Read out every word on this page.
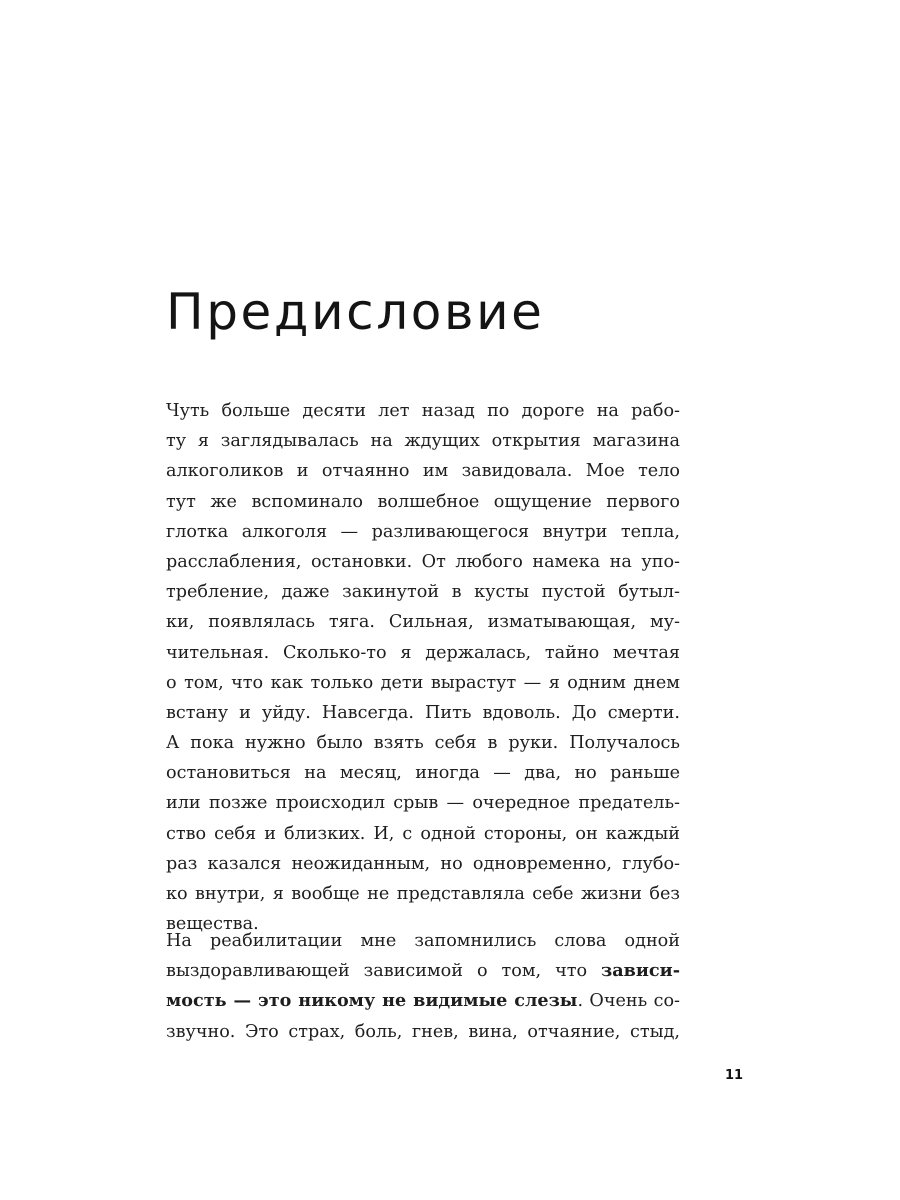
Предисловие
Чуть больше десяти лет назад по дороге на рабо-
ту я заглядывалась на ждущих открытия магазина
алкоголиков и отчаянно им завидовала. Мое тело
тут же вспоминало волшебное ощущение первого
глотка алкоголя — разливающегося внутри тепла,
расслабления, остановки. От любого намека на упо-
требление, даже закинутой в кусты пустой бутыл-
ки, появлялась тяга. Сильная, изматывающая, му-
чительная. Сколько-то я держалась, тайно мечтая
о том, что как только дети вырастут — я одним днем
встану и уйду. Навсегда. Пить вдоволь. До смерти.
А пока нужно было взять себя в руки. Получалось
остановиться на месяц, иногда — два, но раньше
или позже происходил срыв — очередное предатель-
ство себя и близких. И, с одной стороны, он каждый
раз казался неожиданным, но одновременно, глубо-
ко внутри, я вообще не представляла себе жизни без
вещества.
На реабилитации мне запомнились слова одной
выздоравливающей зависимой о том, что зависи-
мость — это никому не видимые слезы. Очень со-
звучно. Это страх, боль, гнев, вина, отчаяние, стыд,
11
